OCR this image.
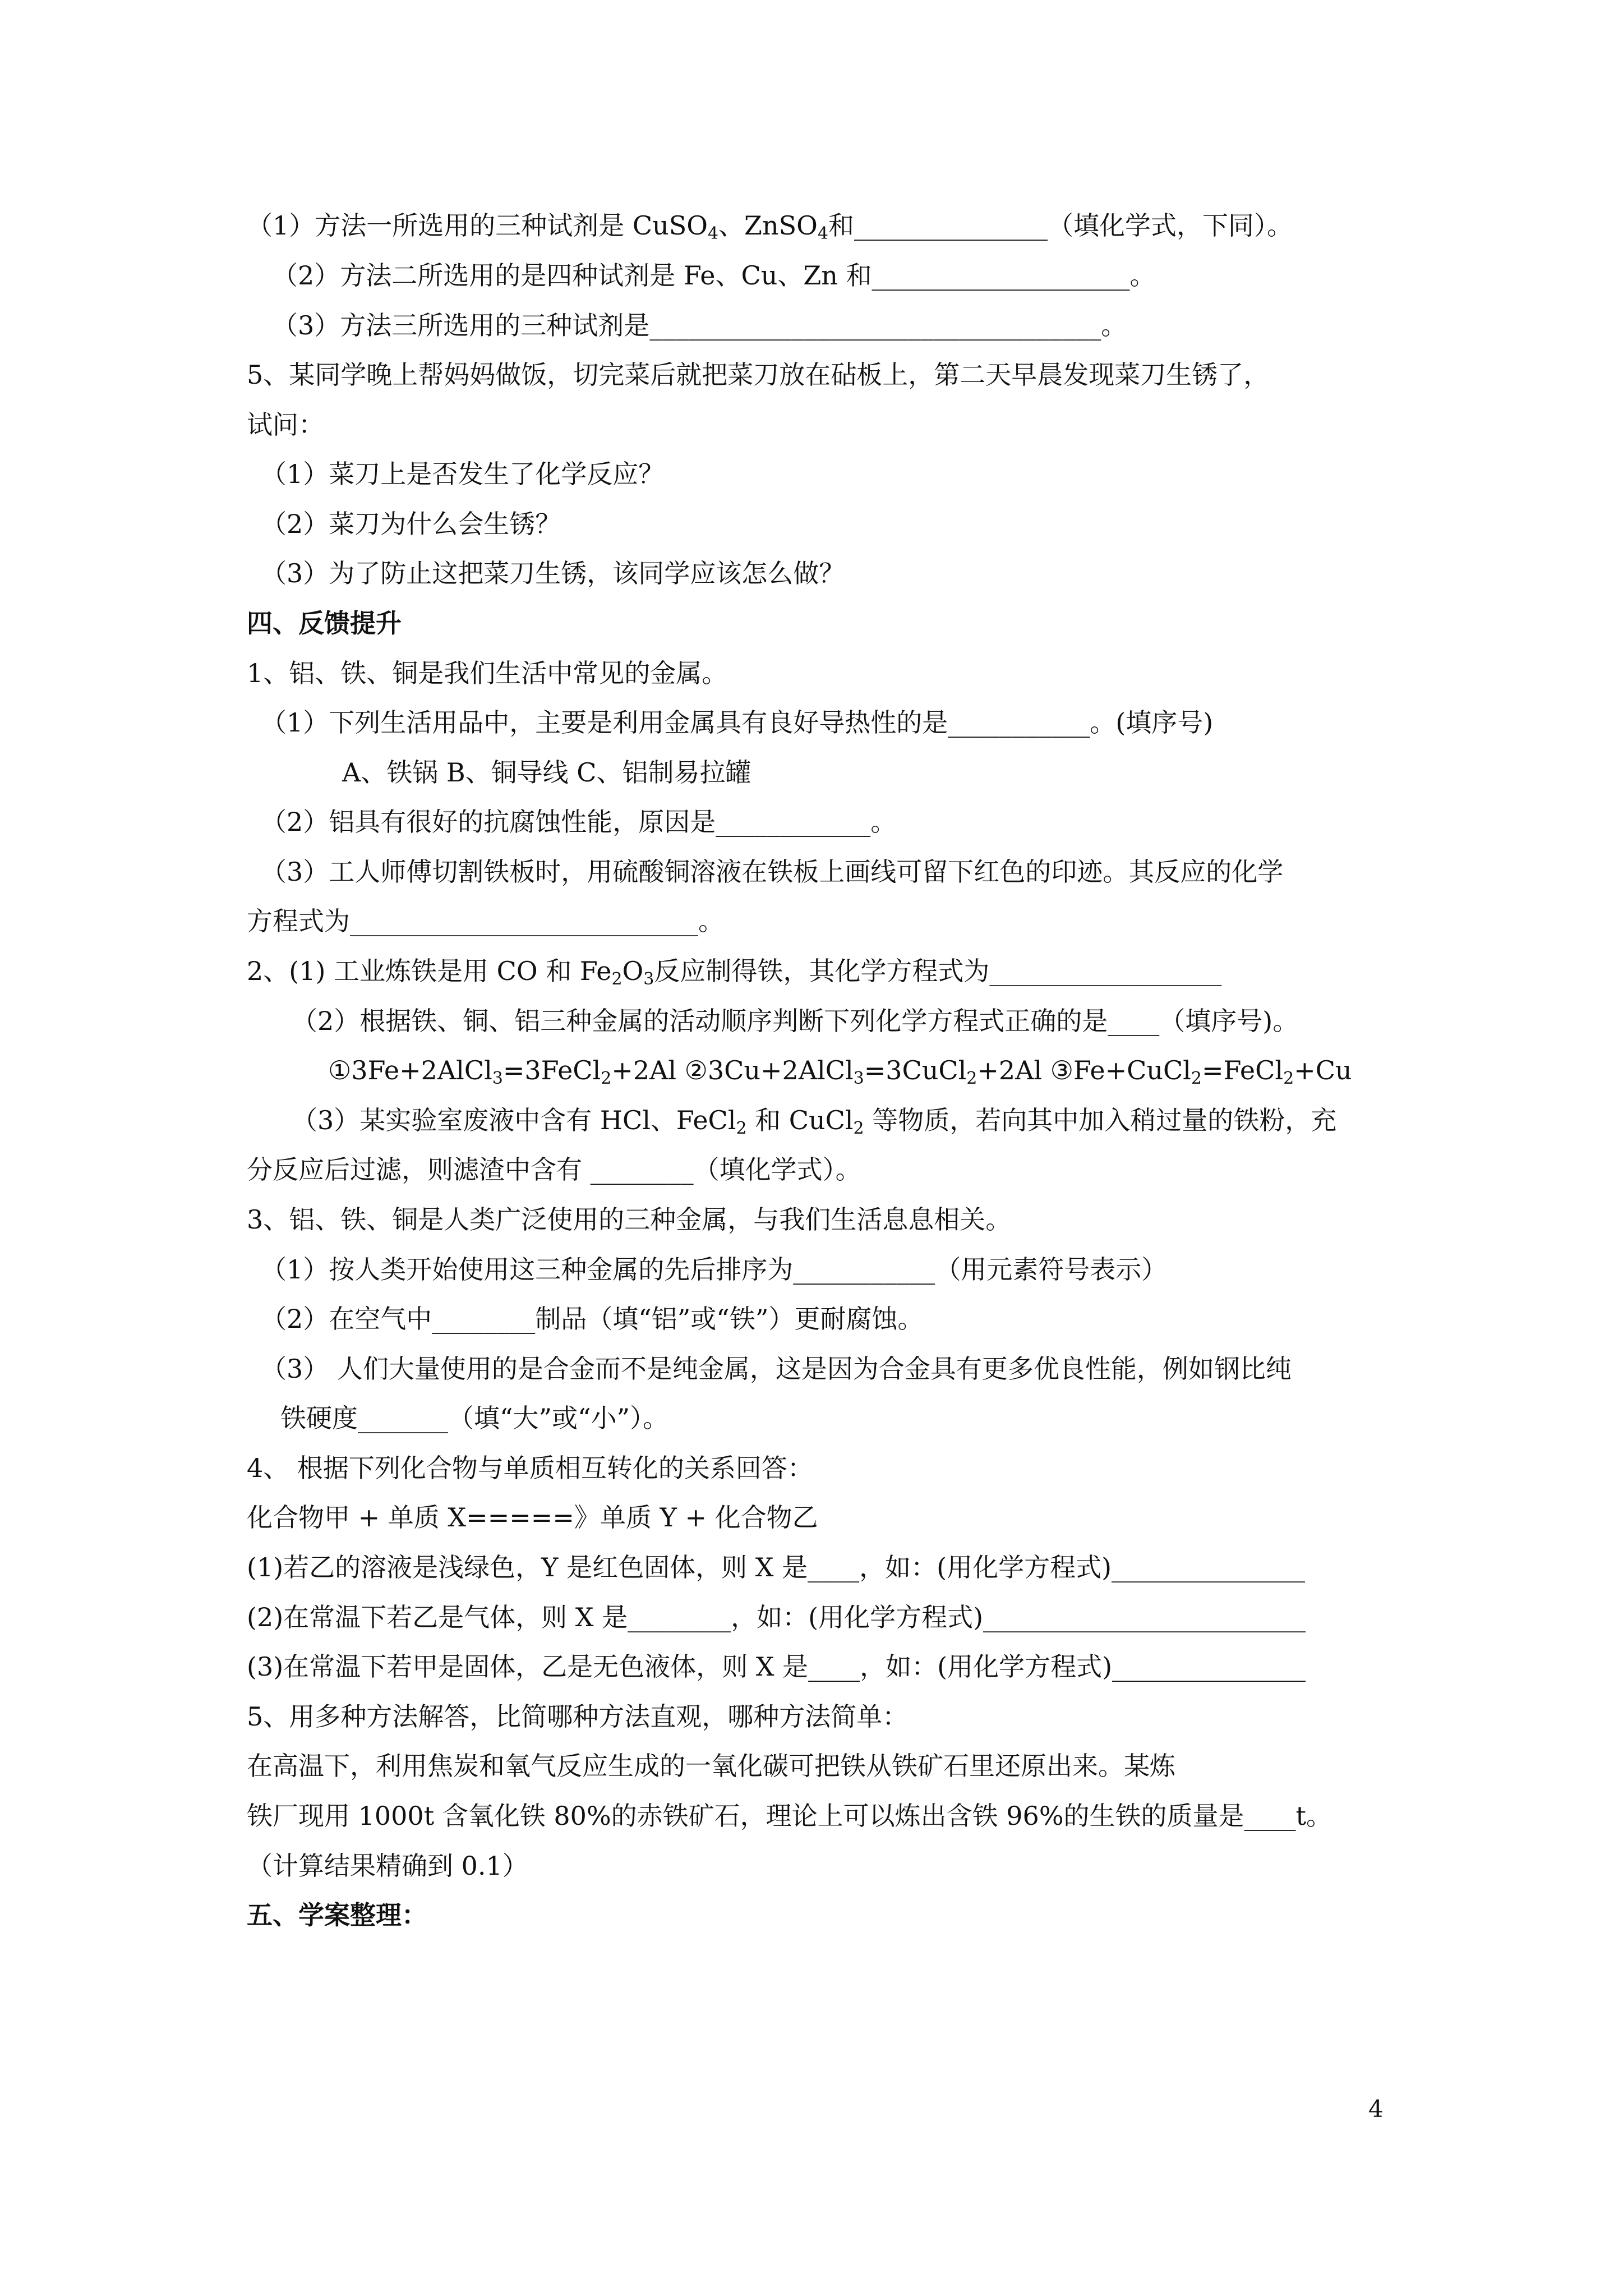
（1）方法一所选用的三种试剂是 CuSO$_4$、ZnSO$_4$和_______________（填化学式，下同）。
（2）方法二所选用的是四种试剂是 Fe、Cu、Zn 和____________________。
（3）方法三所选用的三种试剂是___________________________________。
5、某同学晚上帮妈妈做饭，切完菜后就把菜刀放在砧板上，第二天早晨发现菜刀生锈了，
试问：
（1）菜刀上是否发生了化学反应？
（2）菜刀为什么会生锈？
（3）为了防止这把菜刀生锈，该同学应该怎么做？
四、反馈提升
1、铝、铁、铜是我们生活中常见的金属。
（1）下列生活用品中，主要是利用金属具有良好导热性的是___________。(填序号)
A、铁锅 B、铜导线 C、铝制易拉罐
（2）铝具有很好的抗腐蚀性能，原因是____________。
（3）工人师傅切割铁板时，用硫酸铜溶液在铁板上画线可留下红色的印迹。其反应的化学
方程式为___________________________。
2、(1) 工业炼铁是用 CO 和 $Fe_2O_3$反应制得铁，其化学方程式为__________________
（2）根据铁、铜、铝三种金属的活动顺序判断下列化学方程式正确的是____（填序号)。
①3Fe+2AlCl$_3$=3FeCl$_2$+2Al ②3Cu+2AlCl$_3$=3CuCl$_2$+2Al ③Fe+CuCl$_2$=FeCl$_2$+Cu
（3）某实验室废液中含有 HCl、FeCl$_2$ 和 CuCl$_2$ 等物质，若向其中加入稍过量的铁粉，充
分反应后过滤，则滤渣中含有 ________（填化学式）。
3、铝、铁、铜是人类广泛使用的三种金属，与我们生活息息相关。
（1）按人类开始使用这三种金属的先后排序为___________（用元素符号表示）
（2）在空气中________制品（填“铝”或“铁”）更耐腐蚀。
（3） 人们大量使用的是合金而不是纯金属，这是因为合金具有更多优良性能，例如钢比纯
铁硬度_______（填“大”或“小”）。
4、 根据下列化合物与单质相互转化的关系回答：
化合物甲 + 单质 X=====》单质 Y + 化合物乙
(1)若乙的溶液是浅绿色，Y 是红色固体，则 X 是____，如：(用化学方程式)_______________
(2)在常温下若乙是气体，则 X 是________，如：(用化学方程式)_________________________
(3)在常温下若甲是固体，乙是无色液体，则 X 是____，如：(用化学方程式)_______________
5、用多种方法解答，比简哪种方法直观，哪种方法简单：
在高温下，利用焦炭和氧气反应生成的一氧化碳可把铁从铁矿石里还原出来。某炼
铁厂现用 1000t 含氧化铁 80%的赤铁矿石，理论上可以炼出含铁 96%的生铁的质量是____t。
（计算结果精确到 0.1）
五、学案整理：
4
